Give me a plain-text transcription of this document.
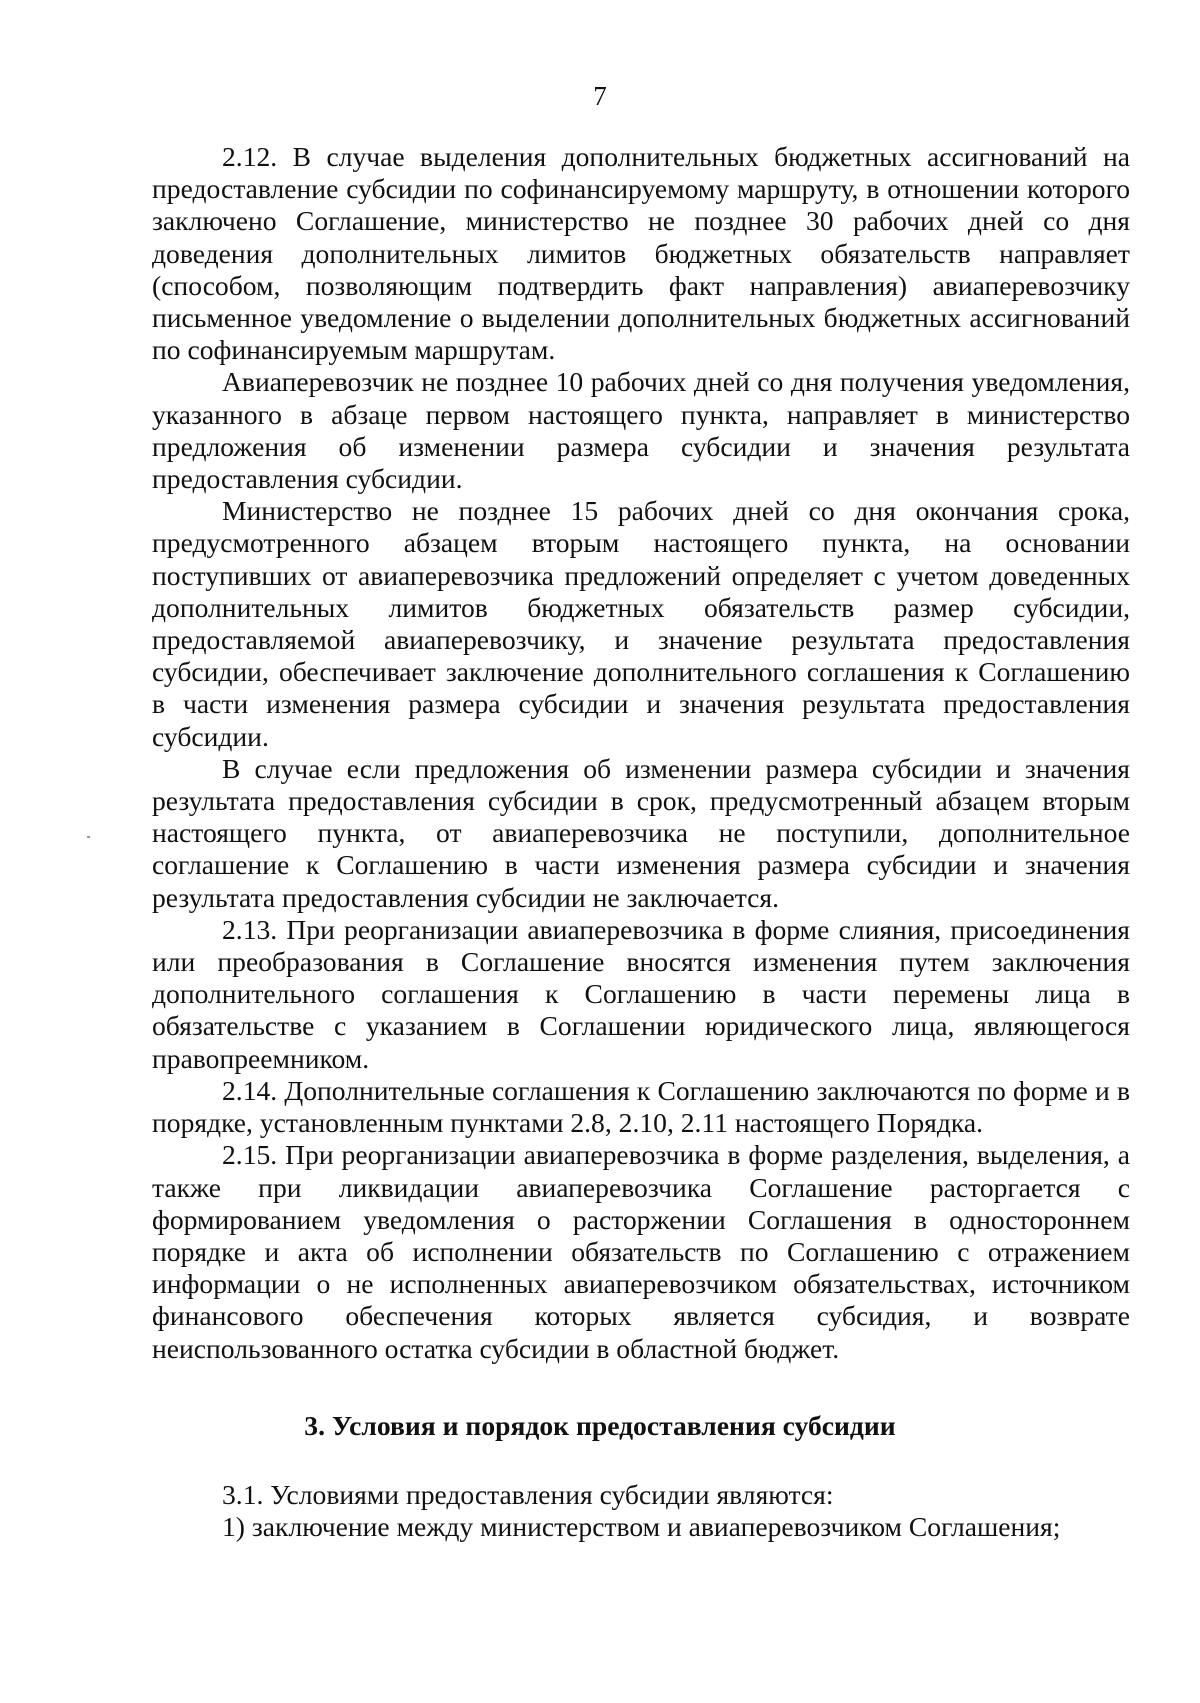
7

2.12. В случае выделения дополнительных бюджетных ассигнований на предоставление субсидии по софинансируемому маршруту, в отношении которого заключено Соглашение, министерство не позднее 30 рабочих дней со дня доведения дополнительных лимитов бюджетных обязательств направляет (способом, позволяющим подтвердить факт направления) авиаперевозчику письменное уведомление о выделении дополнительных бюджетных ассигнований по софинансируемым маршрутам.

Авиаперевозчик не позднее 10 рабочих дней со дня получения уведомления, указанного в абзаце первом настоящего пункта, направляет в министерство предложения об изменении размера субсидии и значения результата предоставления субсидии.

Министерство не позднее 15 рабочих дней со дня окончания срока, предусмотренного абзацем вторым настоящего пункта, на основании поступивших от авиаперевозчика предложений определяет с учетом доведенных дополнительных лимитов бюджетных обязательств размер субсидии, предоставляемой авиаперевозчику, и значение результата предоставления субсидии, обеспечивает заключение дополнительного соглашения к Соглашению в части изменения размера субсидии и значения результата предоставления субсидии.

В случае если предложения об изменении размера субсидии и значения результата предоставления субсидии в срок, предусмотренный абзацем вторым настоящего пункта, от авиаперевозчика не поступили, дополнительное соглашение к Соглашению в части изменения размера субсидии и значения результата предоставления субсидии не заключается.

2.13. При реорганизации авиаперевозчика в форме слияния, присоединения или преобразования в Соглашение вносятся изменения путем заключения дополнительного соглашения к Соглашению в части перемены лица в обязательстве с указанием в Соглашении юридического лица, являющегося правопреемником.

2.14. Дополнительные соглашения к Соглашению заключаются по форме и в порядке, установленным пунктами 2.8, 2.10, 2.11 настоящего Порядка.

2.15. При реорганизации авиаперевозчика в форме разделения, выделения, а также при ликвидации авиаперевозчика Соглашение расторгается с формированием уведомления о расторжении Соглашения в одностороннем порядке и акта об исполнении обязательств по Соглашению с отражением информации о не исполненных авиаперевозчиком обязательствах, источником финансового обеспечения которых является субсидия, и возврате неиспользованного остатка субсидии в областной бюджет.

3. Условия и порядок предоставления субсидии

3.1. Условиями предоставления субсидии являются:

1) заключение между министерством и авиаперевозчиком Соглашения;
